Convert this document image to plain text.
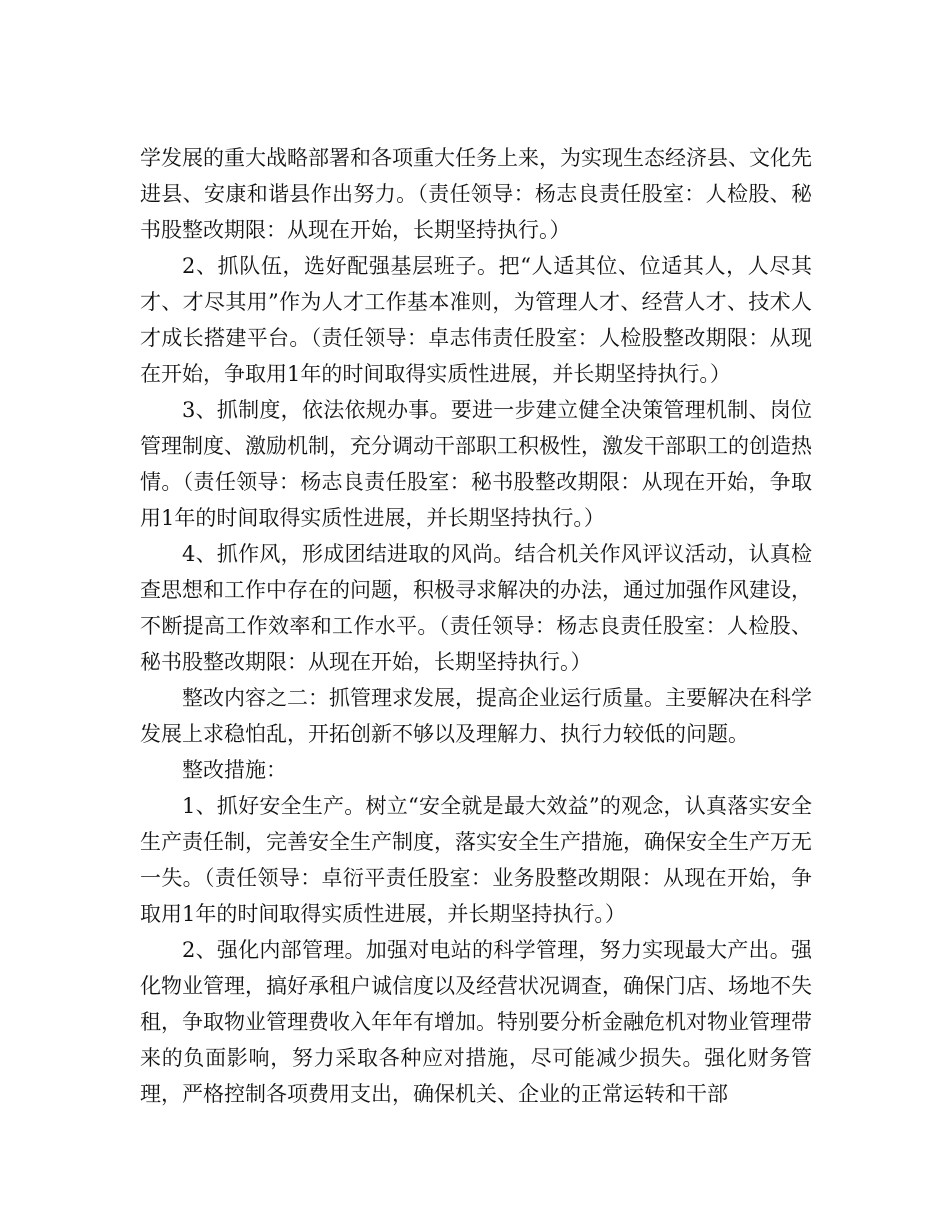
学发展的重大战略部署和各项重大任务上来，为实现生态经济县、文化先进县、安康和谐县作出努力。（责任领导：杨志良责任股室：人检股、秘书股整改期限：从现在开始，长期坚持执行。）

2、抓队伍，选好配强基层班子。把“人适其位、位适其人，人尽其才、才尽其用”作为人才工作基本准则，为管理人才、经营人才、技术人才成长搭建平台。（责任领导：卓志伟责任股室：人检股整改期限：从现在开始，争取用1年的时间取得实质性进展，并长期坚持执行。）

3、抓制度，依法依规办事。要进一步建立健全决策管理机制、岗位管理制度、激励机制，充分调动干部职工积极性，激发干部职工的创造热情。（责任领导：杨志良责任股室：秘书股整改期限：从现在开始，争取用1年的时间取得实质性进展，并长期坚持执行。）

4、抓作风，形成团结进取的风尚。结合机关作风评议活动，认真检查思想和工作中存在的问题，积极寻求解决的办法，通过加强作风建设，不断提高工作效率和工作水平。（责任领导：杨志良责任股室：人检股、秘书股整改期限：从现在开始，长期坚持执行。）

整改内容之二：抓管理求发展，提高企业运行质量。主要解决在科学发展上求稳怕乱，开拓创新不够以及理解力、执行力较低的问题。

整改措施：

1、抓好安全生产。树立“安全就是最大效益”的观念，认真落实安全生产责任制，完善安全生产制度，落实安全生产措施，确保安全生产万无一失。（责任领导：卓衍平责任股室：业务股整改期限：从现在开始，争取用1年的时间取得实质性进展，并长期坚持执行。）

2、强化内部管理。加强对电站的科学管理，努力实现最大产出。强化物业管理，搞好承租户诚信度以及经营状况调查，确保门店、场地不失租，争取物业管理费收入年年有增加。特别要分析金融危机对物业管理带来的负面影响，努力采取各种应对措施，尽可能减少损失。强化财务管理，严格控制各项费用支出，确保机关、企业的正常运转和干部
